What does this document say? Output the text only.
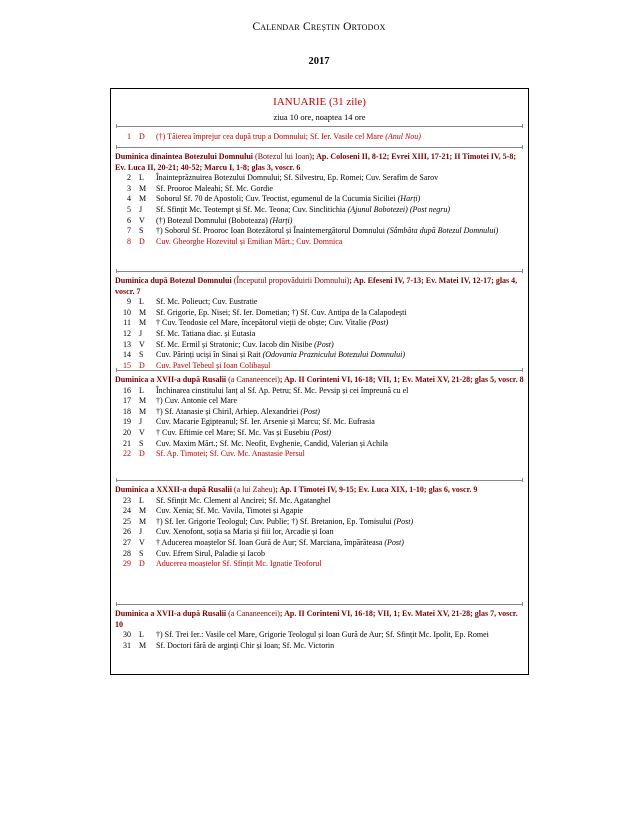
Calendar Creștin Ortodox
2017
IANUARIE (31 zile)
ziua 10 ore, noaptea 14 ore
1	D	(†) Tăierea împrejur cea după trup a Domnului; Sf. Ier. Vasile cel Mare (Anul Nou)
Duminica dinaintea Botezului Domnului (Botezul lui Ioan); Ap. Coloseni II, 8-12; Evrei XIII, 17-21; II Timotei IV, 5-8; Ev. Luca II, 20-21; 40-52; Marcu I, 1-8; glas 3, voscr. 6
2	L	Înainteprăznuirea Botezului Domnului; Sf. Silvestru, Ep. Romei; Cuv. Serafim de Sarov
3	M	Sf. Prooroc Maleahi; Sf. Mc. Gordie
4	M	Soborul Sf. 70 de Apostoli; Cuv. Teoctist, egumenul de la Cucumia Siciliei (Harți)
5	J	Sf. Sfințit Mc. Teotempt și Sf. Mc. Teona; Cuv. Sinclitichia (Ajunul Bobotezei) (Post negru)
6	V	(†) Botezul Domnului (Boboteaza) (Harți)
7	S	†) Soborul Sf. Prooroc Ioan Botezătorul și Înaintemergătorul Domnului (Sâmbăta după Botezul Domnului)
8	D	Cuv. Gheorghe Hozevitul și Emilian Mărt.; Cuv. Domnica
Duminica după Botezul Domnului (Începutul propovăduirii Domnului); Ap. Efeseni IV, 7-13; Ev. Matei IV, 12-17; glas 4, voscr. 7
9	L	Sf. Mc. Polieuct; Cuv. Eustratie
10	M	Sf. Grigorie, Ep. Nisei; Sf. Ier. Dometian; †) Sf. Cuv. Antipa de la Calapodești
11	M	† Cuv. Teodosie cel Mare, începătorul vieții de obște; Cuv. Vitalie (Post)
12	J	Sf. Mc. Tatiana diac. și Eutasia
13	V	Sf. Mc. Ermil și Stratonic; Cuv. Iacob din Nisibe (Post)
14	S	Cuv. Părinți uciși în Sinai și Rait (Odovania Praznicului Botezului Domnului)
15	D	Cuv. Pavel Tebeul și Ioan Colibașul
Duminica a XVII-a după Rusalii (a Cananeencei); Ap. II Corinteni VI, 16-18; VII, 1; Ev. Matei XV, 21-28; glas 5, voscr. 8
16	L	Închinarea cinstitului lanț al Sf. Ap. Petru; Sf. Mc. Pevsip și cei împreună cu el
17	M	†) Cuv. Antonie cel Mare
18	M	†) Sf. Atanasie și Chiril, Arhiep. Alexandriei (Post)
19	J	Cuv. Macarie Egipteanul; Sf. Ier. Arsenie și Marcu; Sf. Mc. Eufrasia
20	V	† Cuv. Eftimie cel Mare; Sf. Mc. Vas și Eusebiu (Post)
21	S	Cuv. Maxim Mărt.; Sf. Mc. Neofit, Evghenie, Candid, Valerian și Achila
22	D	Sf. Ap. Timotei; Sf. Cuv. Mc. Anastasie Persul
Duminica a XXXII-a după Rusalii (a lui Zaheu); Ap. I Timotei IV, 9-15; Ev. Luca XIX, 1-10; glas 6, voscr. 9
23	L	Sf. Sfințit Mc. Clement al Ancirei; Sf. Mc. Agatanghel
24	M	Cuv. Xenia; Sf. Mc. Vavila, Timotei și Agapie
25	M	†) Sf. Ier. Grigorie Teologul; Cuv. Publie; †) Sf. Bretanion, Ep. Tomisului (Post)
26	J	Cuv. Xenofont, soția sa Maria și fiii lor, Arcadie și Ioan
27	V	† Aducerea moaștelor Sf. Ioan Gură de Aur; Sf. Marciana, împărăteasa (Post)
28	S	Cuv. Efrem Sirul, Paladie și Iacob
29	D	Aducerea moaștelor Sf. Sfințit Mc. Ignatie Teoforul
Duminica a XVII-a după Rusalii (a Cananeencei); Ap. II Corinteni VI, 16-18; VII, 1; Ev. Matei XV, 21-28; glas 7, voscr. 10
30	L	†) Sf. Trei Ier.: Vasile cel Mare, Grigorie Teologul și Ioan Gură de Aur; Sf. Sfințit Mc. Ipolit, Ep. Romei
31	M	Sf. Doctori fără de arginți Chir și Ioan; Sf. Mc. Victorin
